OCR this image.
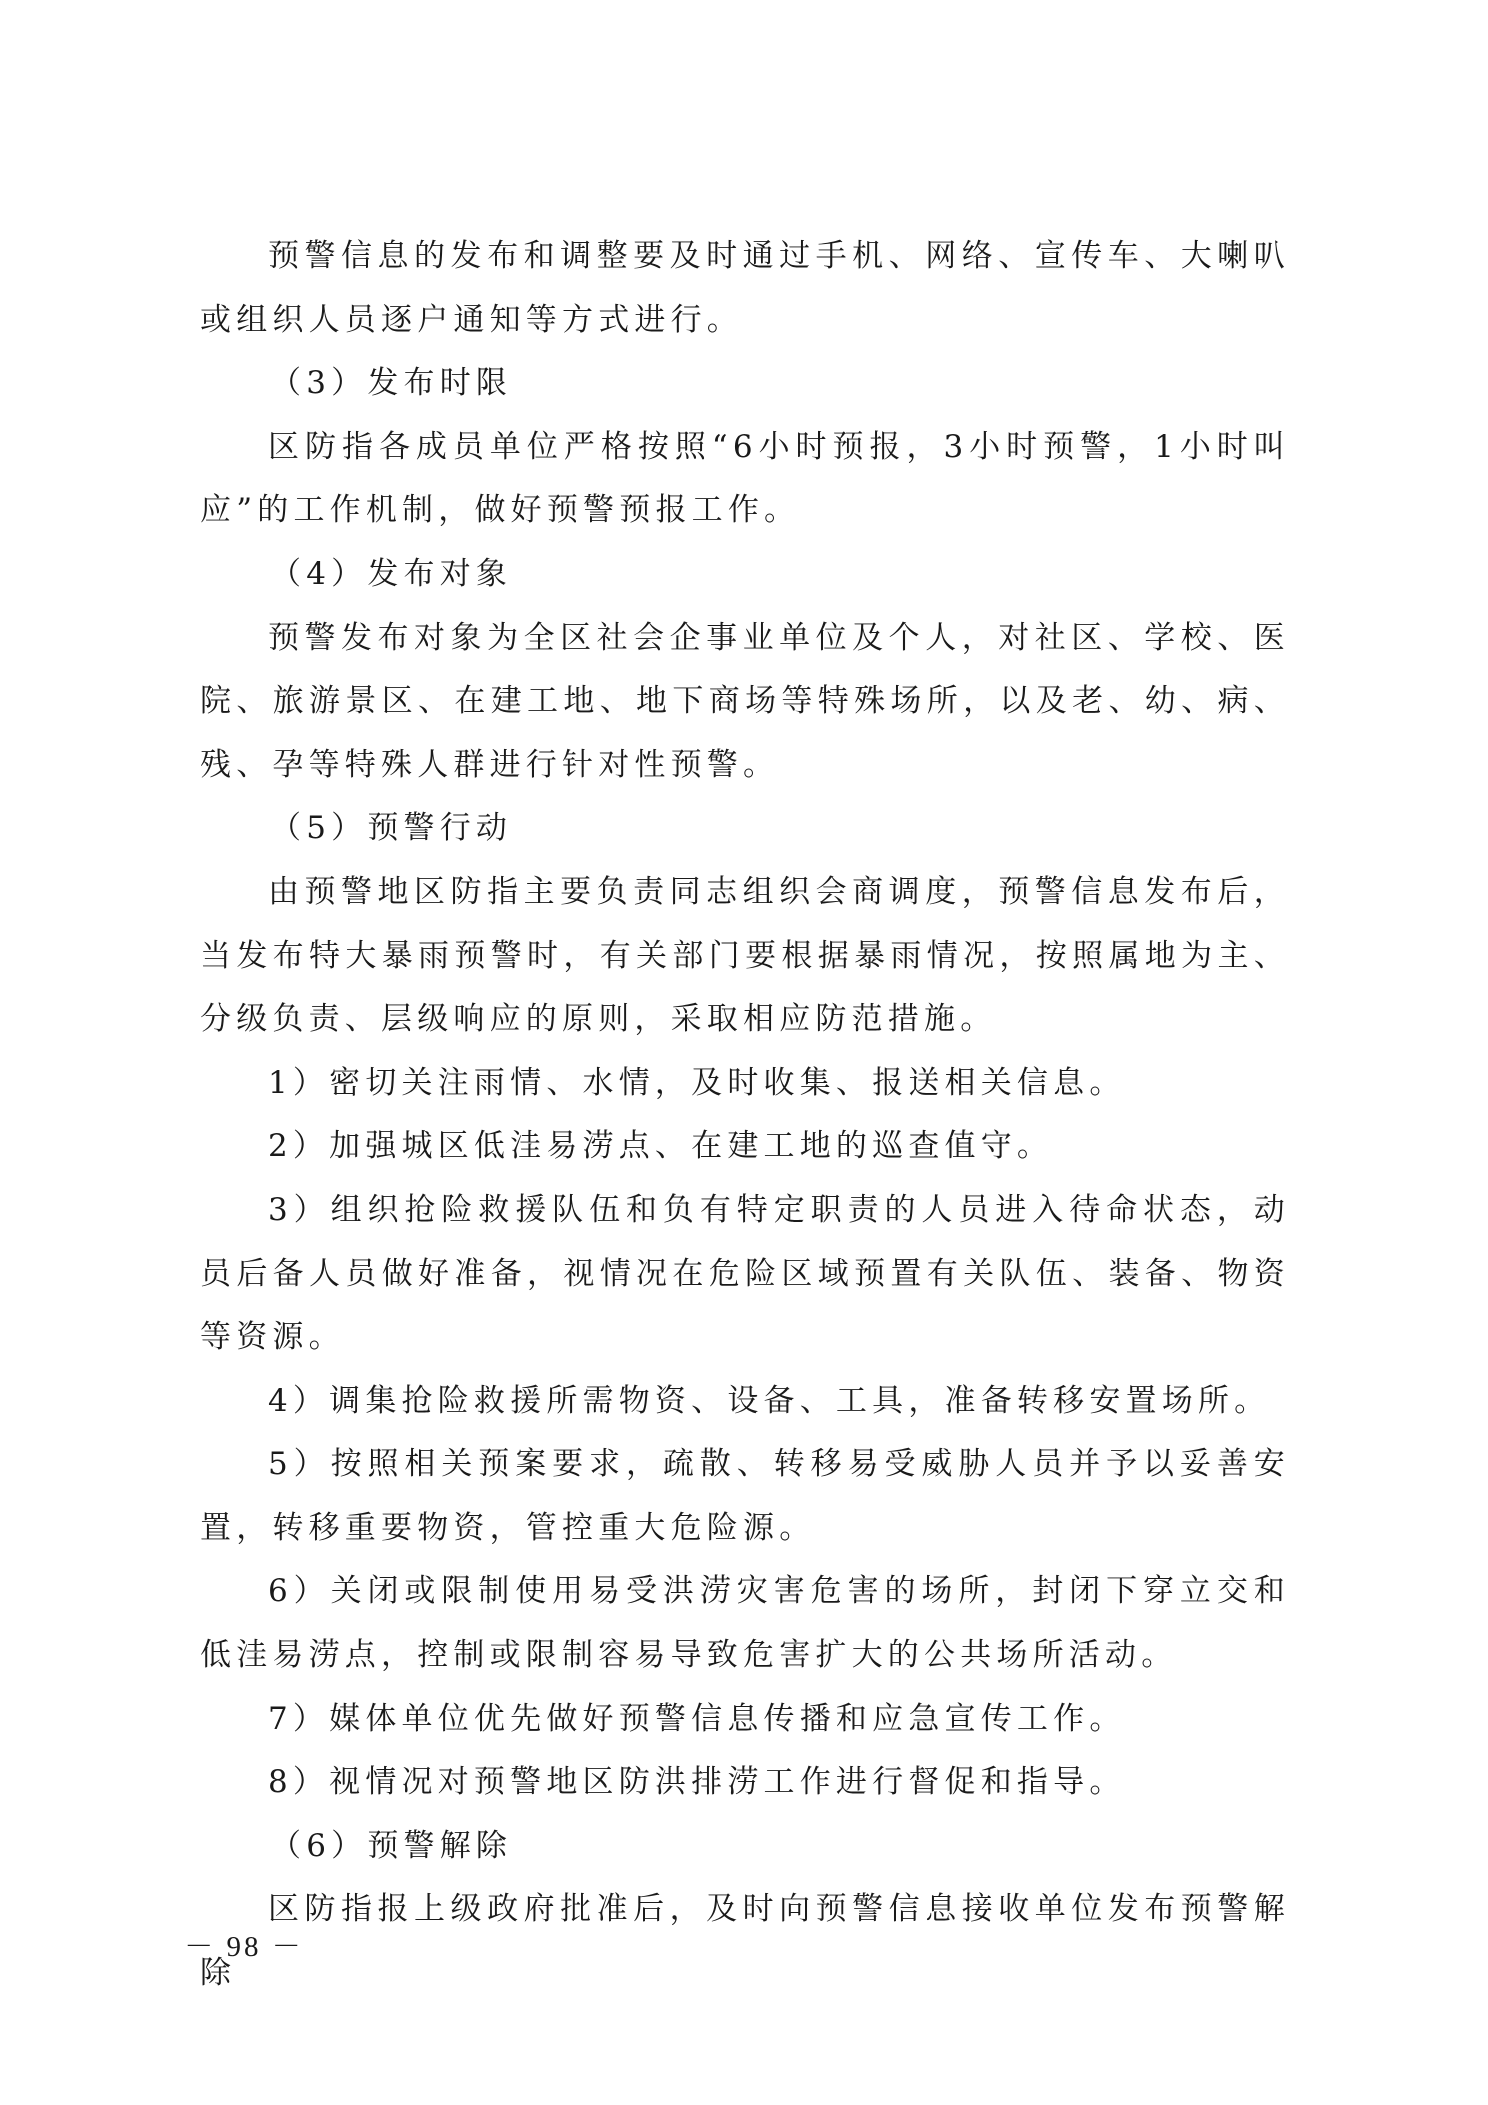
预警信息的发布和调整要及时通过手机、网络、宣传车、大喇叭或组织人员逐户通知等方式进行。

（3）发布时限

区防指各成员单位严格按照“6小时预报，3小时预警，1小时叫应”的工作机制，做好预警预报工作。

（4）发布对象

预警发布对象为全区社会企事业单位及个人，对社区、学校、医院、旅游景区、在建工地、地下商场等特殊场所，以及老、幼、病、残、孕等特殊人群进行针对性预警。

（5）预警行动

由预警地区防指主要负责同志组织会商调度，预警信息发布后，当发布特大暴雨预警时，有关部门要根据暴雨情况，按照属地为主、分级负责、层级响应的原则，采取相应防范措施。

1）密切关注雨情、水情，及时收集、报送相关信息。

2）加强城区低洼易涝点、在建工地的巡查值守。

3）组织抢险救援队伍和负有特定职责的人员进入待命状态，动员后备人员做好准备，视情况在危险区域预置有关队伍、装备、物资等资源。

4）调集抢险救援所需物资、设备、工具，准备转移安置场所。

5）按照相关预案要求，疏散、转移易受威胁人员并予以妥善安置，转移重要物资，管控重大危险源。

6）关闭或限制使用易受洪涝灾害危害的场所，封闭下穿立交和低洼易涝点，控制或限制容易导致危害扩大的公共场所活动。

7）媒体单位优先做好预警信息传播和应急宣传工作。

8）视情况对预警地区防洪排涝工作进行督促和指导。

（6）预警解除

区防指报上级政府批准后，及时向预警信息接收单位发布预警解除

－ 98 －
